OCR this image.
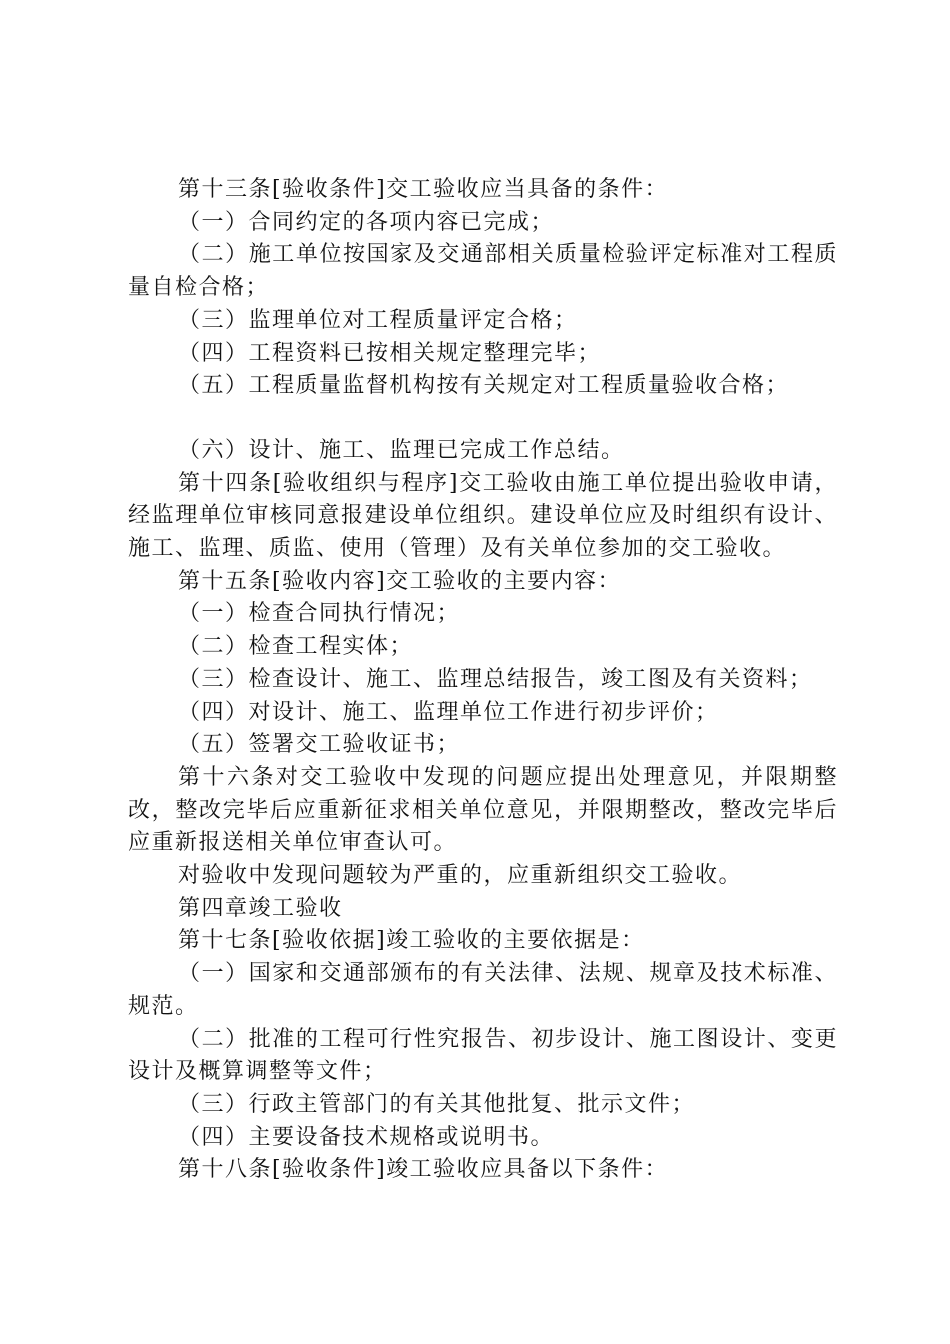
第十三条[验收条件]交工验收应当具备的条件：

（一）合同约定的各项内容已完成；

（二）施工单位按国家及交通部相关质量检验评定标准对工程质量自检合格；

（三）监理单位对工程质量评定合格；

（四）工程资料已按相关规定整理完毕；

（五）工程质量监督机构按有关规定对工程质量验收合格；

（六）设计、施工、监理已完成工作总结。

第十四条[验收组织与程序]交工验收由施工单位提出验收申请，经监理单位审核同意报建设单位组织。建设单位应及时组织有设计、施工、监理、质监、使用（管理）及有关单位参加的交工验收。

第十五条[验收内容]交工验收的主要内容：

（一）检查合同执行情况；

（二）检查工程实体；

（三）检查设计、施工、监理总结报告，竣工图及有关资料；

（四）对设计、施工、监理单位工作进行初步评价；

（五）签署交工验收证书；

第十六条对交工验收中发现的问题应提出处理意见，并限期整改，整改完毕后应重新征求相关单位意见，并限期整改，整改完毕后应重新报送相关单位审查认可。

对验收中发现问题较为严重的，应重新组织交工验收。

第四章竣工验收

第十七条[验收依据]竣工验收的主要依据是：

（一）国家和交通部颁布的有关法律、法规、规章及技术标准、规范。

（二）批准的工程可行性究报告、初步设计、施工图设计、变更设计及概算调整等文件；

（三）行政主管部门的有关其他批复、批示文件；

（四）主要设备技术规格或说明书。

第十八条[验收条件]竣工验收应具备以下条件：
